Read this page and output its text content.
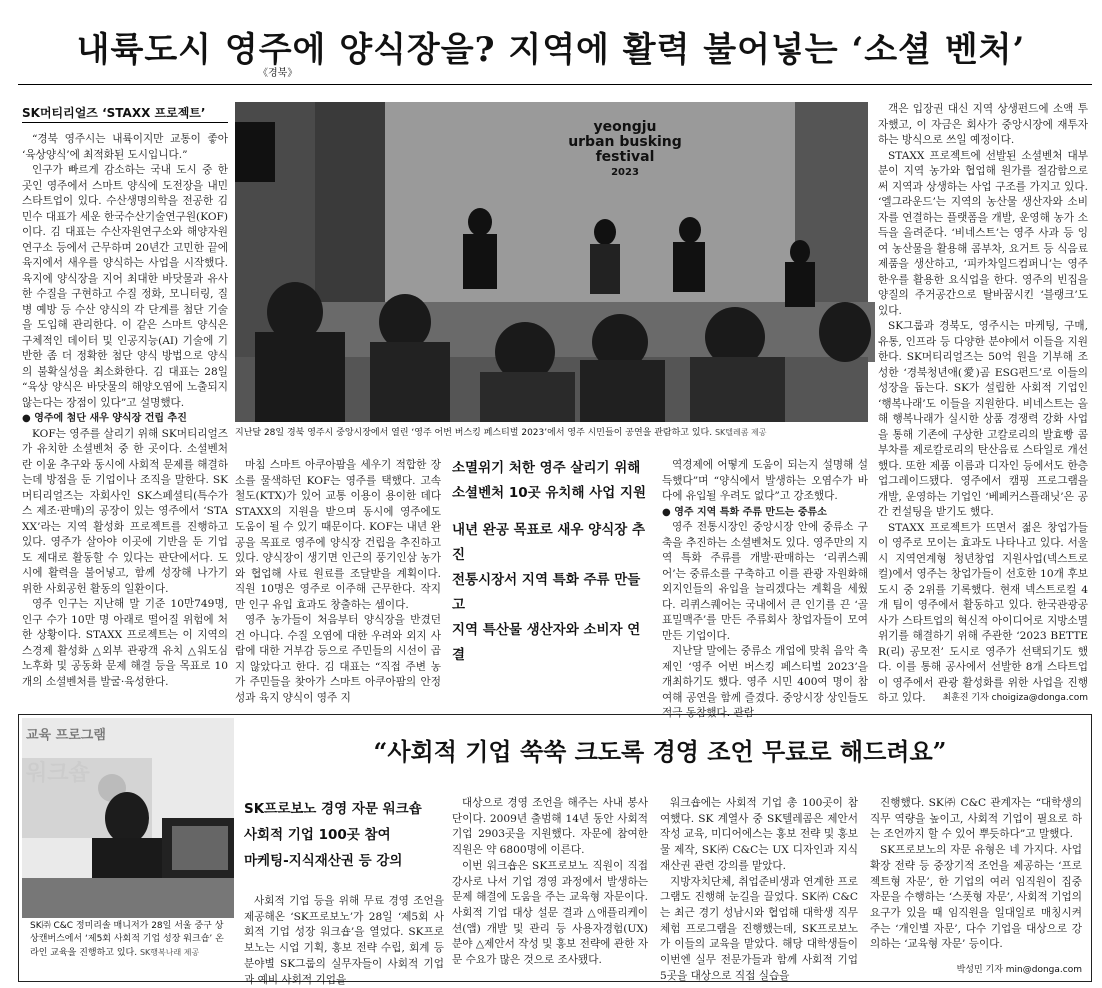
내륙도시 영주에 양식장을? 지역에 활력 불어넣는 ‘소셜 벤처’
《경북》
SK머티리얼즈 ‘STAXX 프로젝트’

“경북 영주시는 내륙이지만 교통이 좋아 ‘육상양식’에 최적화된 도시입니다.”

인구가 빠르게 감소하는 국내 도시 중 한 곳인 영주에서 스마트 양식에 도전장을 내민 스타트업이 있다. 수산생명의학을 전공한 김민수 대표가 세운 한국수산기술연구원(KOF)이다. 김 대표는 수산자원연구소와 해양자원연구소 등에서 근무하며 20년간 고민한 끝에 육지에서 새우를 양식하는 사업을 시작했다. 육지에 양식장을 지어 최대한 바닷물과 유사한 수질을 구현하고 수질 정화, 모니터링, 질병 예방 등 수산 양식의 각 단계를 첨단 기술을 도입해 관리한다. 이 같은 스마트 양식은 구체적인 데이터 및 인공지능(AI) 기술에 기반한 좀 더 정확한 첨단 양식 방법으로 양식의 불확실성을 최소화한다. 김 대표는 28일 “육상 양식은 바닷물의 해양오염에 노출되지 않는다는 장점이 있다”고 설명했다.

● 영주에 첨단 새우 양식장 건립 추진

KOF는 영주를 살리기 위해 SK머티리얼즈가 유치한 소셜벤처 중 한 곳이다. 소셜벤처란 이윤 추구와 동시에 사회적 문제를 해결하는데 방점을 둔 기업이나 조직을 말한다. SK머티리얼즈는 자회사인 SK스페셜티(특수가스 제조·판매)의 공장이 있는 영주에서 ‘STAXX’라는 지역 활성화 프로젝트를 진행하고 있다. 영주가 살아야 이곳에 기반을 둔 기업도 제대로 활동할 수 있다는 판단에서다. 도시에 활력을 불어넣고, 함께 성장해 나가기 위한 사회공헌 활동의 일환이다.

영주 인구는 지난해 말 기준 10만749명, 인구 수가 10만 명 아래로 떨어질 위험에 처한 상황이다. STAXX 프로젝트는 이 지역의 스경제 활성화 △외부 관광객 유치 △워도심 노후화 및 공동화 문제 해결 등을 목표로 10개의 소셜벤처를 발굴·육성한다.

yeongju
urban busking
festival
2023
지난달 28일 경북 영주시 중앙시장에서 열린 ‘영주 어번 버스킹 페스티벌 2023’에서 영주 시민들이 공연을 관람하고 있다. SK텔레콤 제공

마침 스마트 아쿠아팜을 세우기 적합한 장소를 물색하던 KOF는 영주를 택했다. 고속철도(KTX)가 있어 교통 이용이 용이한 데다 STAXX의 지원을 받으며 동시에 영주에도 도움이 될 수 있기 때문이다. KOF는 내년 완공을 목표로 영주에 양식장 건립을 추진하고 있다. 양식장이 생기면 인근의 풍기인삼 농가와 협업해 사료 원료를 조달받을 계획이다. 직원 10명은 영주로 이주해 근무한다. 작지만 인구 유입 효과도 창출하는 셈이다.

영주 농가들이 처음부터 양식장을 반겼던 건 아니다. 수질 오염에 대한 우려와 외지 사람에 대한 거부감 등으로 주민들의 시선이 곱지 않았다고 한다. 김 대표는 “직접 주변 농가 주민들을 찾아가 스마트 아쿠아팜의 안정성과 육지 양식이 영주 지

소멸위기 처한 영주 살리기 위해
소셜벤처 10곳 유치해 사업 지원
내년 완공 목표로 새우 양식장 추진
전통시장서 지역 특화 주류 만들고
지역 특산물 생산자와 소비자 연결

역경제에 어떻게 도움이 되는지 설명해 설득했다”며 “양식에서 발생하는 오염수가 바다에 유입될 우려도 없다”고 강조했다.

● 영주 지역 특화 주류 만드는 중류소

영주 전통시장인 중앙시장 안에 중류소 구축을 추진하는 소셜벤처도 있다. 영주만의 지역 특화 주류를 개발·판매하는 ‘리퀴스퀘어’는 중류소를 구축하고 이를 관광 자원화해 외지인들의 유입을 늘리겠다는 계획을 세웠다. 리퀴스퀘어는 국내에서 큰 인기를 끈 ‘골표밀맥주’를 만든 주류회사 창업자들이 모여 만든 기업이다.

지난달 말에는 중류소 개업에 맞춰 음악 축제인 ‘영주 어번 버스킹 페스티벌 2023’을 개최하기도 했다. 영주 시민 400여 명이 참여해 공연을 함께 즐겼다. 중앙시장 상인들도 적극 동참했다. 관람

객은 입장권 대신 지역 상생펀드에 소액 투자했고, 이 자금은 회사가 중앙시장에 재투자하는 방식으로 쓰일 예정이다.

STAXX 프로젝트에 선발된 소셜벤처 대부분이 지역 농가와 협업해 원가를 절감함으로써 지역과 상생하는 사업 구조를 가지고 있다. ‘엘그라운드’는 지역의 농산물 생산자와 소비자를 연결하는 플랫폼을 개발, 운영해 농가 소득을 올려준다. ‘비네스트’는 영주 사과 등 잉여 농산물을 활용해 콤부차, 요거트 등 식음료 제품을 생산하고, ‘피카차일드컴퍼니’는 영주 한우를 활용한 요식업을 한다. 영주의 빈집을 양질의 주거공간으로 탈바꿈시킨 ‘블랭크’도 있다.

SK그룹과 경북도, 영주시는 마케팅, 구매, 유통, 인프라 등 다양한 분야에서 이들을 지원한다. SK머티리얼즈는 50억 원을 기부해 조성한 ‘경북청년애(愛)곰 ESG펀드’로 이들의 성장을 돕는다. SK가 설립한 사회적 기업인 ‘행복나래’도 이들을 지원한다. 비네스트는 올해 행복나래가 실시한 상품 경쟁력 강화 사업을 통해 기존에 구상한 고칼로리의 발효빵 콤부차를 제로칼로리의 탄산음료 스타일로 개선했다. 또한 제품 이름과 디자인 등에서도 한층 업그레이드됐다. 영주에서 캠핑 프로그램을 개발, 운영하는 기업인 ‘베페커스플래닛’은 공간 컨설팅을 받기도 했다.

STAXX 프로젝트가 뜨면서 젊은 창업가들이 영주로 모이는 효과도 나타나고 있다. 서울시 지역연계형 청년창업 지원사업(넥스트로컬)에서 영주는 창업가들이 선호한 10개 후보 도시 중 2위를 기록했다. 현재 넥스트로컬 4개 팀이 영주에서 활동하고 있다. 한국관광공사가 스타트업의 혁신적 아이디어로 지방소멸 위기를 해결하기 위해 주관한 ‘2023 BETTER(리) 공모전’ 도시로 영주가 선택되기도 했다. 이를 통해 공사에서 선발한 8개 스타트업이 영주에서 관광 활성화를 위한 사업을 진행하고 있다.	최훈진 기자 choigiza@donga.com
“사회적 기업 쑥쑥 크도록 경영 조언 무료로 해드려요”
교육 프로그램
워크숍
SK㈜ C&C 정미리솔 매니저가 28일 서울 중구 상상캔버스에서 ‘제5회 사회적 기업 성장 워크숍’ 온라인 교육을 진행하고 있다. SK행복나래 제공
SK프로보노 경영 자문 워크숍
사회적 기업 100곳 참여
마케팅-지식재산권 등 강의

사회적 기업 등을 위해 무료 경영 조언을 제공해온 ‘SK프로보노’가 28일 ‘제5회 사회적 기업 성장 워크숍’을 열었다. SK프로보노는 시업 기획, 홍보 전략 수립, 회계 등 분야별 SK그룹의 실무자들이 사회적 기업과 예비 사회적 기업을

대상으로 경영 조언을 해주는 사내 봉사단이다. 2009년 출범해 14년 동안 사회적 기업 2903곳을 지원했다. 자문에 참여한 직원은 약 6800명에 이른다.

이번 워크숍은 SK프로보노 직원이 직접 강사로 나서 기업 경영 과정에서 발생하는 문제 해결에 도움을 주는 교육형 자문이다. 사회적 기업 대상 설문 결과 △애플리케이션(앱) 개발 및 관리 등 사용자경험(UX) 분야 △제안서 작성 및 홍보 전략에 관한 자문 수요가 많은 것으로 조사됐다.

워크숍에는 사회적 기업 총 100곳이 참여했다. SK 계열사 중 SK텔레콤은 제안서 작성 교육, 미디어에스는 홍보 전략 및 홍보물 제작, SK㈜ C&C는 UX 디자인과 지식재산권 관련 강의를 맡았다.

지방자치단체, 취업준비생과 연계한 프로그램도 진행해 눈길을 끌었다. SK㈜ C&C는 최근 경기 성남시와 협업해 대학생 직무체험 프로그램을 진행했는데, SK프로보노가 이들의 교육을 맡았다. 해당 대학생들이 이번엔 실무 전문가들과 함께 사회적 기업 5곳을 대상으로 직접 실습을

진행했다. SK㈜ C&C 관계자는 “대학생의 직무 역량을 높이고, 사회적 기업이 필요로 하는 조언까지 할 수 있어 뿌듯하다”고 말했다.

SK프로보노의 자문 유형은 네 가지다. 사업 확장 전략 등 중장기적 조언을 제공하는 ‘프로젝트형 자문’, 한 기업의 여러 임직원이 집중 자문을 수행하는 ‘스폿형 자문’, 사회적 기업의 요구가 있을 때 임직원을 일대일로 매칭시켜 주는 ‘개인별 자문’, 다수 기업을 대상으로 강의하는 ‘교육형 자문’ 등이다.

박성민 기자 min@donga.com
